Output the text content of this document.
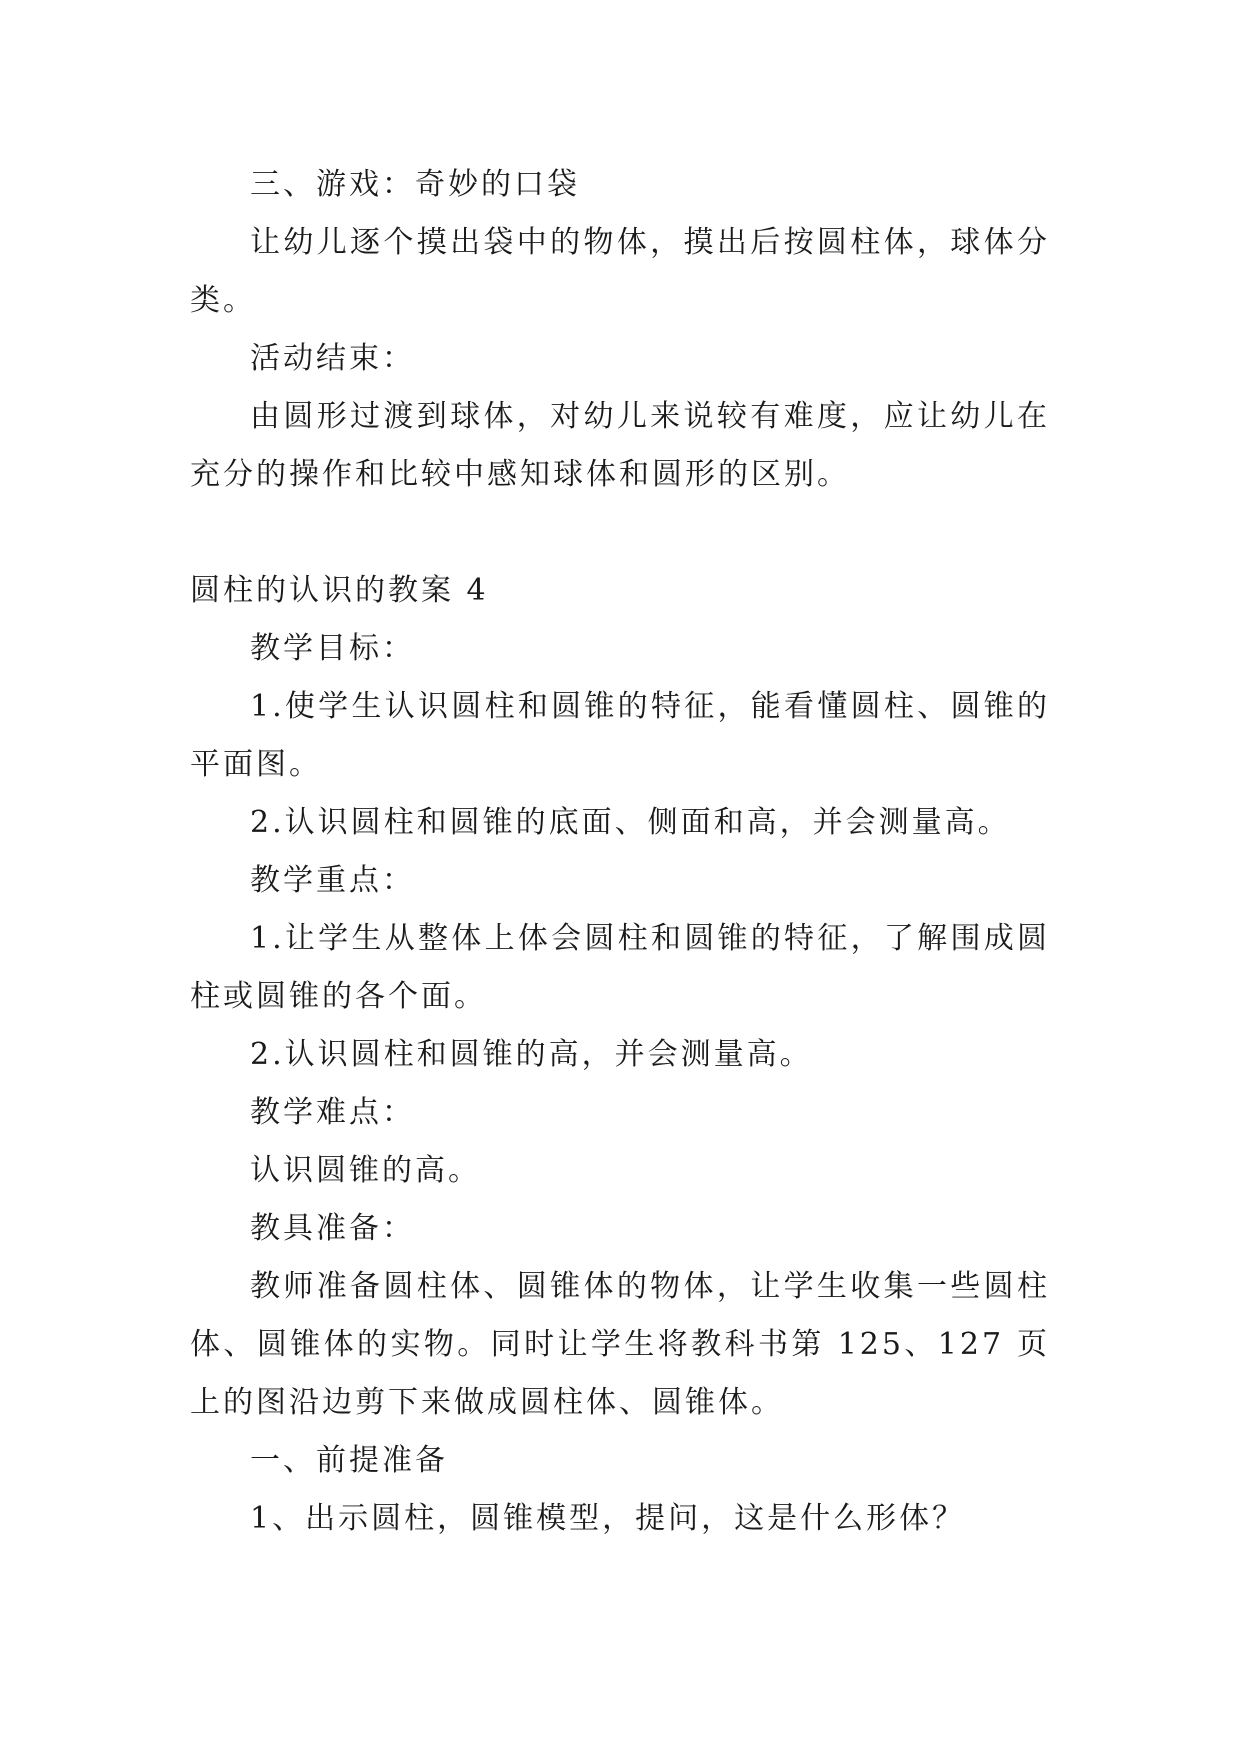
三、游戏：奇妙的口袋

让幼儿逐个摸出袋中的物体，摸出后按圆柱体，球体分类。

活动结束：

由圆形过渡到球体，对幼儿来说较有难度，应让幼儿在充分的操作和比较中感知球体和圆形的区别。

圆柱的认识的教案 4

教学目标：

1.使学生认识圆柱和圆锥的特征，能看懂圆柱、圆锥的平面图。

2.认识圆柱和圆锥的底面、侧面和高，并会测量高。

教学重点：

1.让学生从整体上体会圆柱和圆锥的特征，了解围成圆柱或圆锥的各个面。

2.认识圆柱和圆锥的高，并会测量高。

教学难点：

认识圆锥的高。

教具准备：

教师准备圆柱体、圆锥体的物体，让学生收集一些圆柱体、圆锥体的实物。同时让学生将教科书第 125、127 页上的图沿边剪下来做成圆柱体、圆锥体。

一、前提准备

1、出示圆柱，圆锥模型，提问，这是什么形体？
